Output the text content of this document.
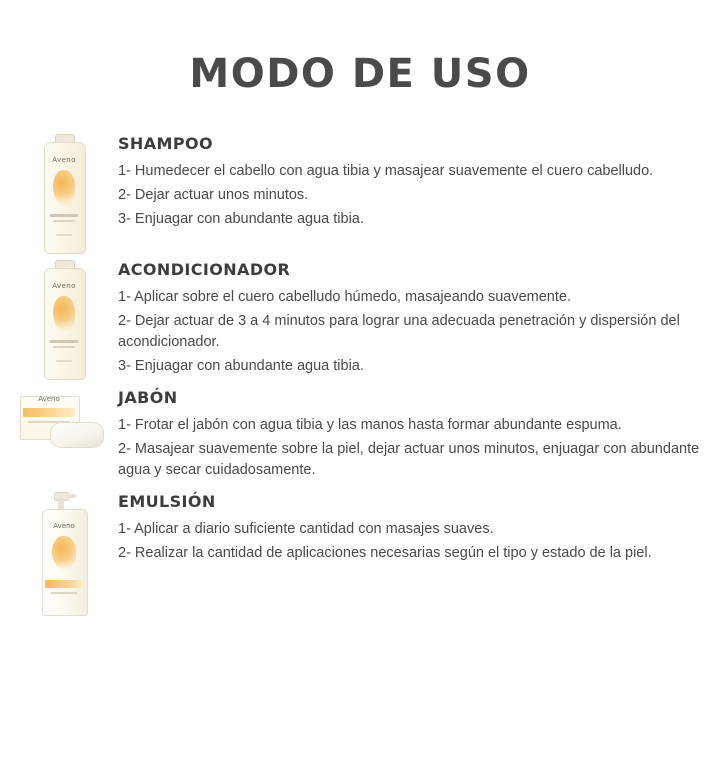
MODO DE USO
Aveno
SHAMPOO

1- Humedecer el cabello con agua tibia y masajear suavemente el cuero cabelludo.

2- Dejar actuar unos minutos.

3- Enjuagar con abundante agua tibia.

Aveno
ACONDICIONADOR

1- Aplicar sobre el cuero cabelludo húmedo, masajeando suavemente.

2- Dejar actuar de 3 a 4 minutos para lograr una adecuada penetración y dispersión del acondicionador.

3- Enjuagar con abundante agua tibia.

Aveno	JABÓN

1- Frotar el jabón con agua tibia y las manos hasta formar abundante espuma.

2- Masajear suavemente sobre la piel, dejar actuar unos minutos, enjuagar con abundante agua y secar cuidadosamente.

Aveno
EMULSIÓN

1- Aplicar a diario suficiente cantidad con masajes suaves.

2- Realizar la cantidad de aplicaciones necesarias según el tipo y estado de la piel.
